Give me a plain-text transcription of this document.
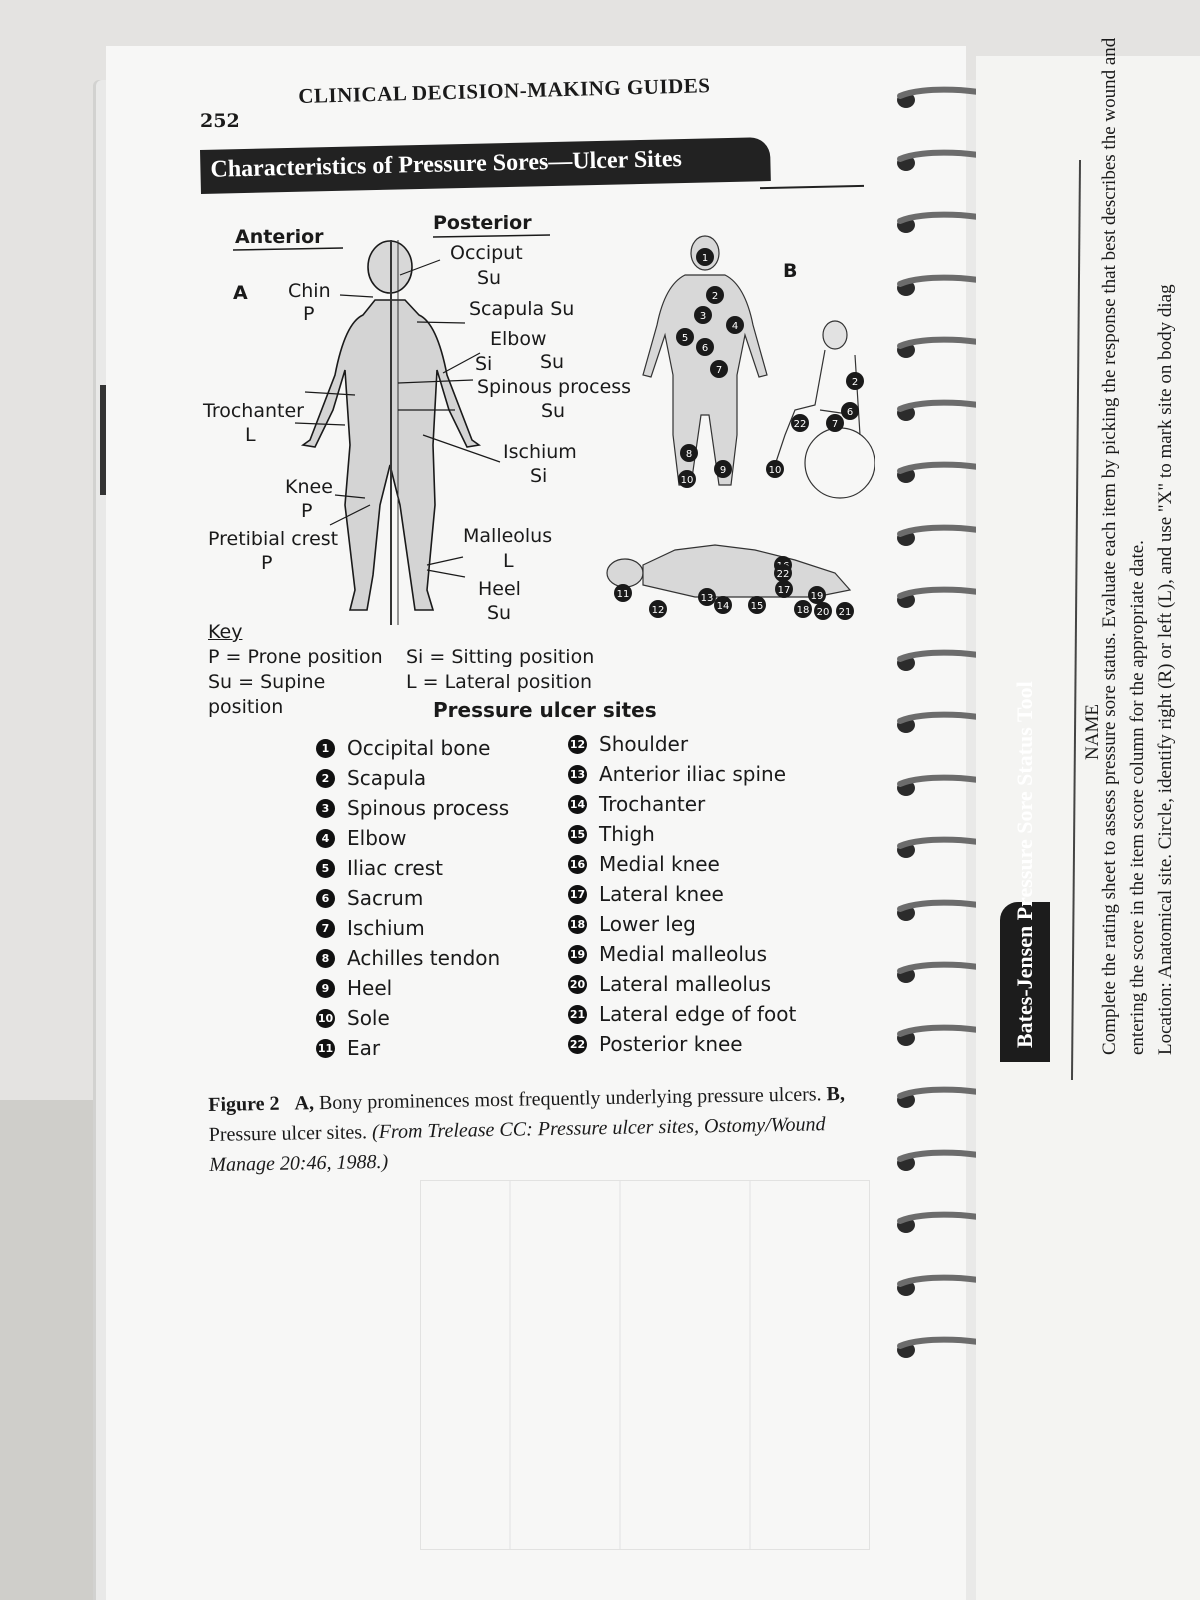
252
CLINICAL DECISION-MAKING GUIDES
Characteristics of Pressure Sores—Ulcer Sites
Anterior
Posterior
A
Occiput
Su
Chin
P	Scapula Su
Elbow
Si	Su
Spinous process
Su
Trochanter
L
Ischium
Si
Knee
P
Pretibial crest
P
Malleolus
L
Heel
Su
B
1
2
3
4
5
6
7
8
9
10
2
6
7
22
10
11
12
13
14 15
17
18
19
20 21
22
Key
P = Prone position	Si = Sitting position
Su = Supine position
L = Lateral position
Pressure ulcer sites
1 Occipital bone
2 Scapula
3 Spinous process
4 Elbow
5 Iliac crest
6 Sacrum
7 Ischium
8 Achilles tendon
9 Heel
10 Sole
11 Ear
12 Shoulder
13 Anterior iliac spine
14 Trochanter
15 Thigh
16 Medial knee
17 Lateral knee
18 Lower leg
19 Medial malleolus
20 Lateral malleolus
21 Lateral edge of foot
22 Posterior knee
Figure 2 A, Bony prominences most frequently underlying pressure ulcers. B, Pressure ulcer sites. (From Trelease CC: Pressure ulcer sites, Ostomy/Wound Manage 20:46, 1988.)
NAME
Complete the rating sheet to assess pressure sore status. Evaluate each item by picking the response that best describes the wound and entering the score in the item score column for the appropriate date. Location: Anatomical site. Circle, identify right (R) or left (L), and use "X" to mark site on body diag
